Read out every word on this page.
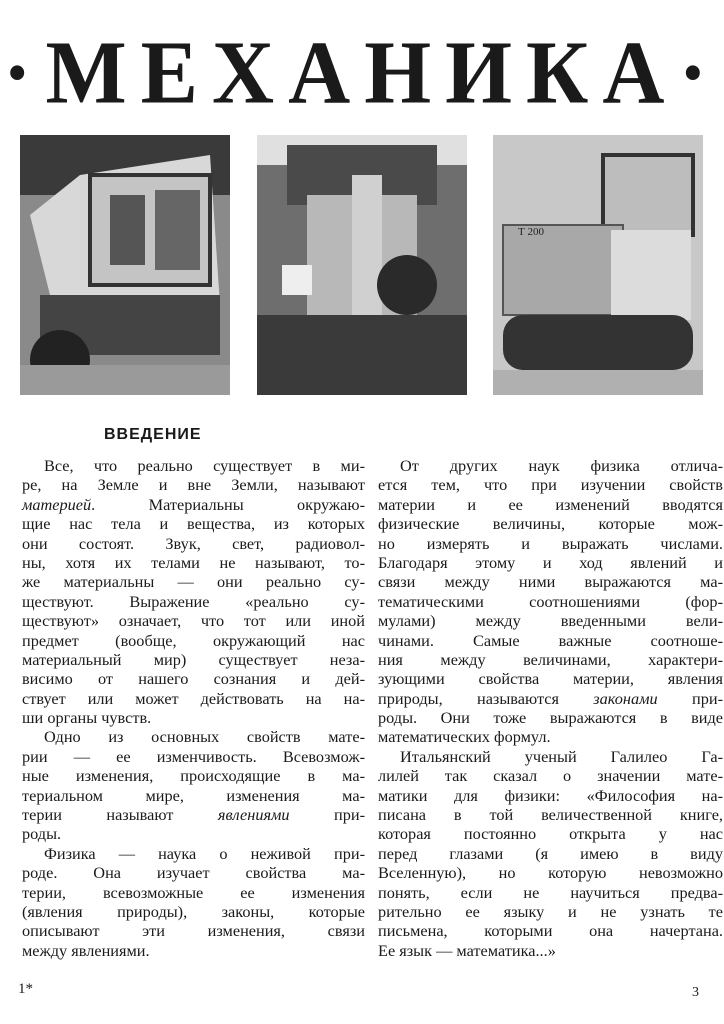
·МЕХАНИКА·
Т 200
ВВЕДЕНИЕ
Все, что реально существует в ми-
ре, на Земле и вне Земли, называют
материей. Материальны окружаю-
щие нас тела и вещества, из которых
они состоят. Звук, свет, радиовол-
ны, хотя их телами не называют, то-
же материальны — они реально су-
ществуют. Выражение «реально су-
ществуют» означает, что тот или иной
предмет (вообще, окружающий нас
материальный мир) существует неза-
висимо от нашего сознания и дей-
ствует или может действовать на на-
ши органы чувств.
Одно из основных свойств мате-
рии — ее изменчивость. Всевозмож-
ные изменения, происходящие в ма-
териальном мире, изменения ма-
терии называют явлениями при-
роды.
Физика — наука о неживой при-
роде. Она изучает свойства ма-
терии, всевозможные ее изменения
(явления природы), законы, которые
описывают эти изменения, связи
между явлениями.
От других наук физика отлича-
ется тем, что при изучении свойств
материи и ее изменений вводятся
физические величины, которые мож-
но измерять и выражать числами.
Благодаря этому и ход явлений и
связи между ними выражаются ма-
тематическими соотношениями (фор-
мулами) между введенными вели-
чинами. Самые важные соотноше-
ния между величинами, характери-
зующими свойства материи, явления
природы, называются законами при-
роды. Они тоже выражаются в виде
математических формул.
Итальянский ученый Галилео Га-
лилей так сказал о значении мате-
матики для физики: «Философия на-
писана в той величественной книге,
которая постоянно открыта у нас
перед глазами (я имею в виду
Вселенную), но которую невозможно
понять, если не научиться предва-
рительно ее языку и не узнать те
письмена, которыми она начертана.
Ее язык — математика...»
1*	3
